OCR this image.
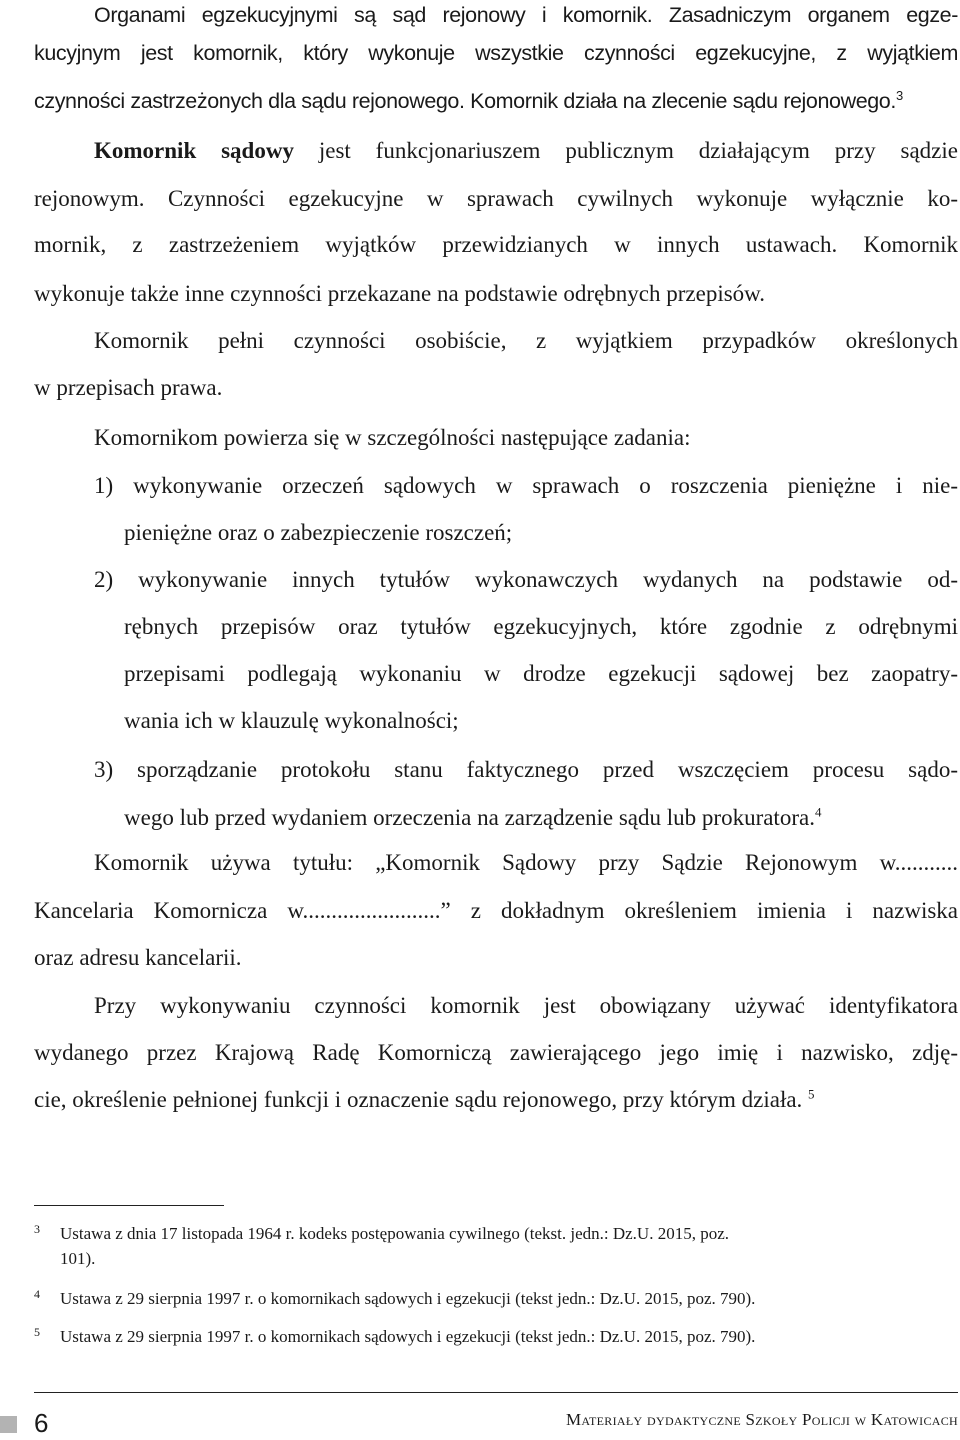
Organami egzekucyjnymi są sąd rejonowy i komornik. Zasadniczym organem egze-
kucyjnym jest komornik, który wykonuje wszystkie czynności egzekucyjne, z wyjątkiem
czynności zastrzeżonych dla sądu rejonowego. Komornik działa na zlecenie sądu rejonowego.$^3$
Komornik sądowy jest funkcjonariuszem publicznym działającym przy sądzie
rejonowym. Czynności egzekucyjne w sprawach cywilnych wykonuje wyłącznie ko-
mornik, z zastrzeżeniem wyjątków przewidzianych w innych ustawach. Komornik
wykonuje także inne czynności przekazane na podstawie odrębnych przepisów.
Komornik pełni czynności osobiście, z wyjątkiem przypadków określonych
w przepisach prawa.
Komornikom powierza się w szczególności następujące zadania:
1) wykonywanie orzeczeń sądowych w sprawach o roszczenia pieniężne i nie-
pieniężne oraz o zabezpieczenie roszczeń;
2) wykonywanie innych tytułów wykonawczych wydanych na podstawie od-
rębnych przepisów oraz tytułów egzekucyjnych, które zgodnie z odrębnymi
przepisami podlegają wykonaniu w drodze egzekucji sądowej bez zaopatry-
wania ich w klauzulę wykonalności;
3) sporządzanie protokołu stanu faktycznego przed wszczęciem procesu sądo-
wego lub przed wydaniem orzeczenia na zarządzenie sądu lub prokuratora.$^4$
Komornik używa tytułu: „Komornik Sądowy przy Sądzie Rejonowym w...........
Kancelaria Komornicza w........................” z dokładnym określeniem imienia i nazwiska
oraz adresu kancelarii.
Przy wykonywaniu czynności komornik jest obowiązany używać identyfikatora
wydanego przez Krajową Radę Komorniczą zawierającego jego imię i nazwisko, zdję-
cie, określenie pełnionej funkcji i oznaczenie sądu rejonowego, przy którym działa. $^5$
3 Ustawa z dnia 17 listopada 1964 r. kodeks postępowania cywilnego (tekst. jedn.: Dz.U. 2015, poz.
101).
4 Ustawa z 29 sierpnia 1997 r. o komornikach sądowych i egzekucji (tekst jedn.: Dz.U. 2015, poz. 790).
5 Ustawa z 29 sierpnia 1997 r. o komornikach sądowych i egzekucji (tekst jedn.: Dz.U. 2015, poz. 790).
6	Materiały dydaktyczne Szkoły Policji w Katowicach
